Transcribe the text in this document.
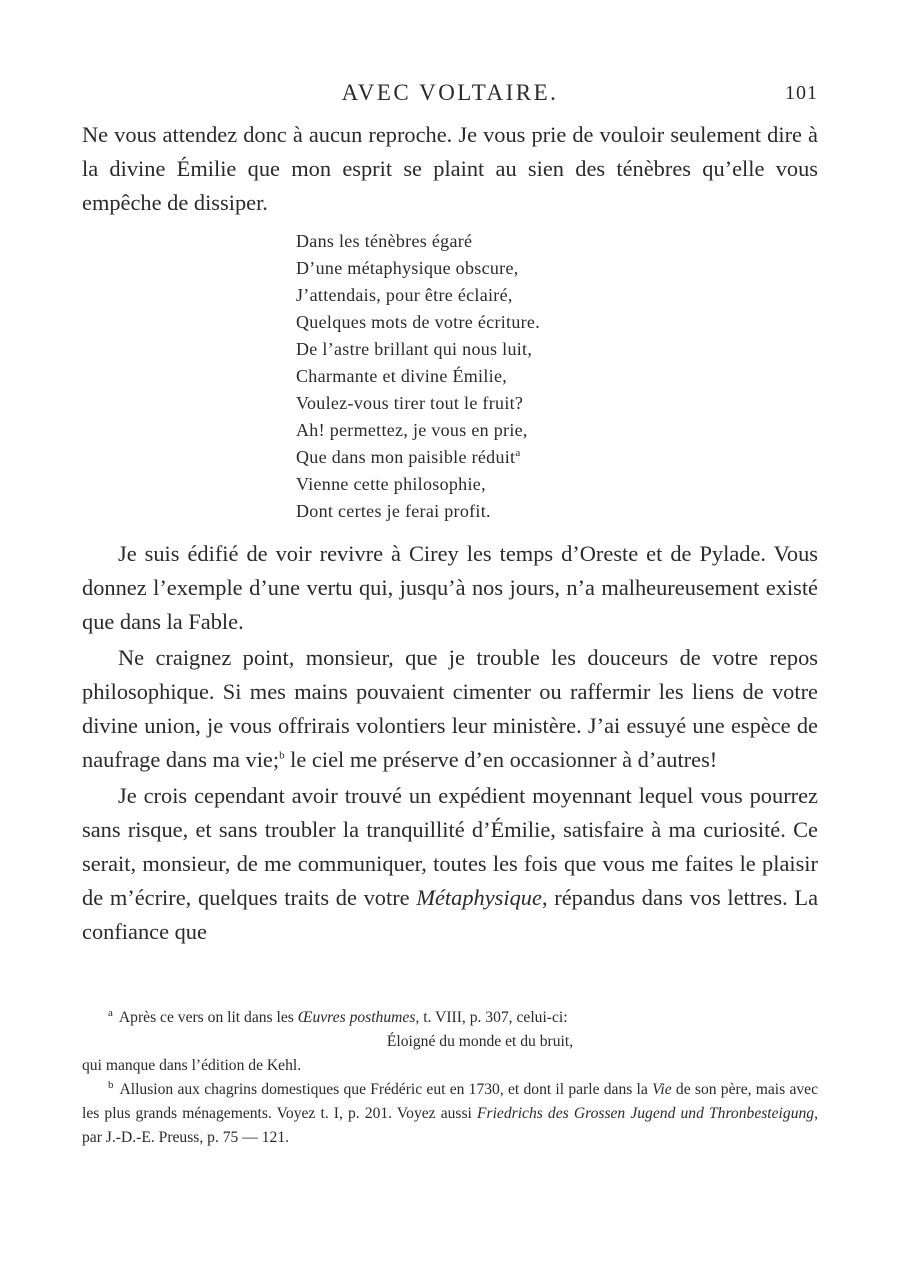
AVEC VOLTAIRE.	101

Ne vous attendez donc à aucun reproche. Je vous prie de vouloir seulement dire à la divine Émilie que mon esprit se plaint au sien des ténèbres qu’elle vous empêche de dissiper.

Dans les ténèbres égaré
D’une métaphysique obscure,
J’attendais, pour être éclairé,
Quelques mots de votre écriture.
De l’astre brillant qui nous luit,
Charmante et divine Émilie,
Voulez-vous tirer tout le fruit?
Ah! permettez, je vous en prie,
Que dans mon paisible réduit$^a$
Vienne cette philosophie,
Dont certes je ferai profit.

Je suis édifié de voir revivre à Cirey les temps d’Oreste et de Pylade. Vous donnez l’exemple d’une vertu qui, jusqu’à nos jours, n’a malheureusement existé que dans la Fable.

Ne craignez point, monsieur, que je trouble les douceurs de votre repos philosophique. Si mes mains pouvaient cimenter ou raffermir les liens de votre divine union, je vous offrirais volontiers leur ministère. J’ai essuyé une espèce de naufrage dans ma vie;$^b$ le ciel me préserve d’en occasionner à d’autres!

Je crois cependant avoir trouvé un expédient moyennant lequel vous pourrez sans risque, et sans troubler la tranquillité d’Émilie, satisfaire à ma curiosité. Ce serait, monsieur, de me communiquer, toutes les fois que vous me faites le plaisir de m’écrire, quelques traits de votre Métaphysique, répandus dans vos lettres. La confiance que

$^a$ Après ce vers on lit dans les Œuvres posthumes, t. VIII, p. 307, celui-ci:

Éloigné du monde et du bruit,

qui manque dans l’édition de Kehl.

$^b$ Allusion aux chagrins domestiques que Frédéric eut en 1730, et dont il parle dans la Vie de son père, mais avec les plus grands ménagements. Voyez t. I, p. 201. Voyez aussi Friedrichs des Grossen Jugend und Thronbesteigung, par J.-D.-E. Preuss, p. 75 — 121.
